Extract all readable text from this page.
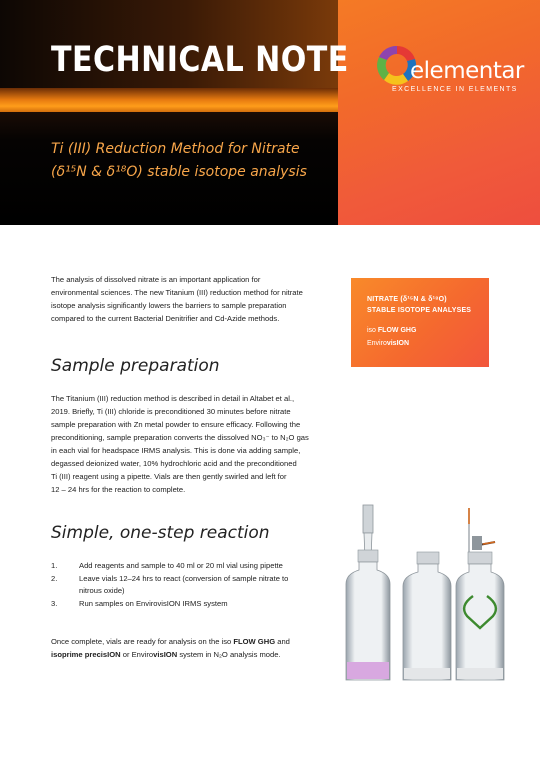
TECHNICAL NOTE
Ti (III) Reduction Method for Nitrate
(δ¹⁵N & δ¹⁸O) stable isotope analysis
elementar
EXCELLENCE IN ELEMENTS
The analysis of dissolved nitrate is an important application for
environmental sciences. The new Titanium (III) reduction method for nitrate
isotope analysis significantly lowers the barriers to sample preparation
compared to the current Bacterial Denitrifier and Cd-Azide methods.
NITRATE (δ¹⁵N & δ¹⁸O)
STABLE ISOTOPE ANALYSES
iso FLOW GHG
EnvirovisION
Sample preparation
The Titanium (III) reduction method is described in detail in Altabet et al.,
2019. Briefly, Ti (III) chloride is preconditioned 30 minutes before nitrate
sample preparation with Zn metal powder to ensure efficacy. Following the
preconditioning, sample preparation converts the dissolved NO₃⁻ to N₂O gas
in each vial for headspace IRMS analysis. This is done via adding sample,
degassed deionized water, 10% hydrochloric acid and the preconditioned
Ti (III) reagent using a pipette. Vials are then gently swirled and left for
12 – 24 hrs for the reaction to complete.
Simple, one-step reaction
1.	Add reagents and sample to 40 ml or 20 ml vial using pipette
2.	Leave vials 12–24 hrs to react (conversion of sample nitrate to
nitrous oxide)
3.	Run samples on EnvirovisION IRMS system
Once complete, vials are ready for analysis on the iso FLOW GHG and
isoprime precisION or EnvirovisION system in N₂O analysis mode.
